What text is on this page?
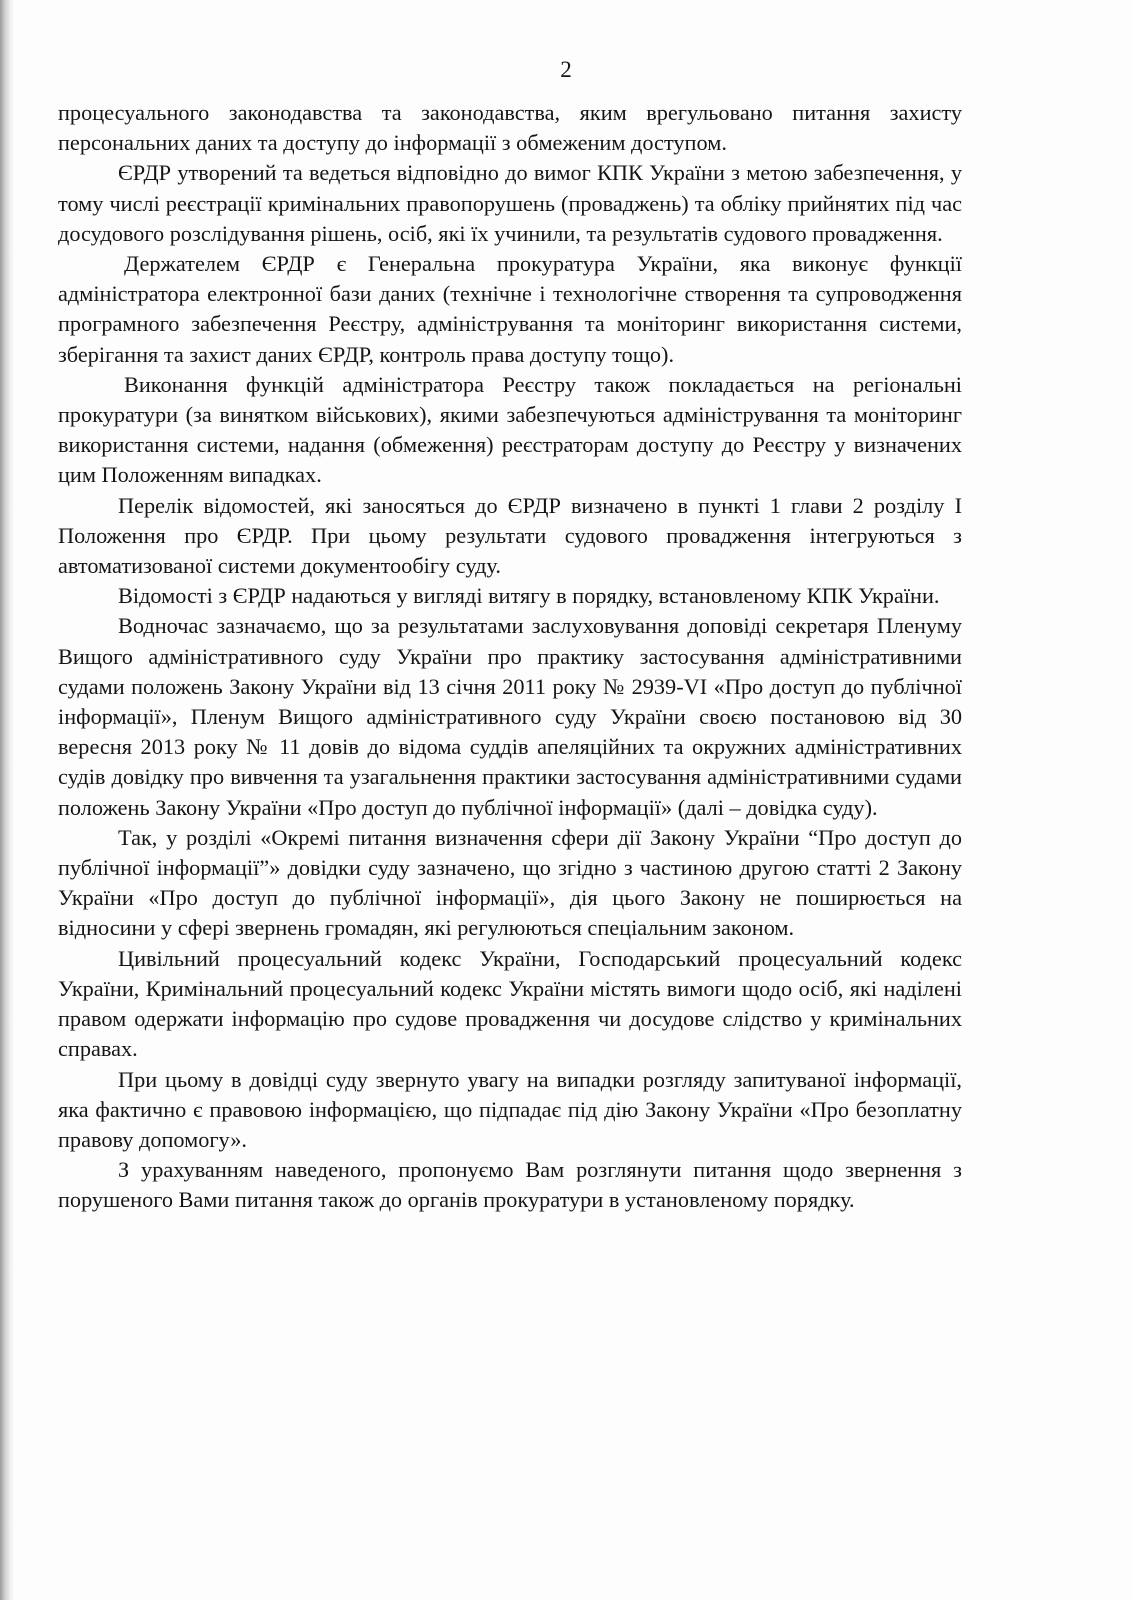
2

процесуального законодавства та законодавства, яким врегульовано питання захисту персональних даних та доступу до інформації з обмеженим доступом.

ЄРДР утворений та ведеться відповідно до вимог КПК України з метою забезпечення, у тому числі реєстрації кримінальних правопорушень (проваджень) та обліку прийнятих під час досудового розслідування рішень, осіб, які їх учинили, та результатів судового провадження.

Держателем ЄРДР є Генеральна прокуратура України, яка виконує функції адміністратора електронної бази даних (технічне і технологічне створення та супроводження програмного забезпечення Реєстру, адміністрування та моніторинг використання системи, зберігання та захист даних ЄРДР, контроль права доступу тощо).

Виконання функцій адміністратора Реєстру також покладається на регіональні прокуратури (за винятком військових), якими забезпечуються адміністрування та моніторинг використання системи, надання (обмеження) реєстраторам доступу до Реєстру у визначених цим Положенням випадках.

Перелік відомостей, які заносяться до ЄРДР визначено в пункті 1 глави 2 розділу І Положення про ЄРДР. При цьому результати судового провадження інтегруються з автоматизованої системи документообігу суду.

Відомості з ЄРДР надаються у вигляді витягу в порядку, встановленому КПК України.

Водночас зазначаємо, що за результатами заслуховування доповіді секретаря Пленуму Вищого адміністративного суду України про практику застосування адміністративними судами положень Закону України від 13 січня 2011 року № 2939-VI «Про доступ до публічної інформації», Пленум Вищого адміністративного суду України своєю постановою від 30 вересня 2013 року № 11 довів до відома суддів апеляційних та окружних адміністративних судів довідку про вивчення та узагальнення практики застосування адміністративними судами положень Закону України «Про доступ до публічної інформації» (далі – довідка суду).

Так, у розділі «Окремі питання визначення сфери дії Закону України “Про доступ до публічної інформації”» довідки суду зазначено, що згідно з частиною другою статті 2 Закону України «Про доступ до публічної інформації», дія цього Закону не поширюється на відносини у сфері звернень громадян, які регулюються спеціальним законом.

Цивільний процесуальний кодекс України, Господарський процесуальний кодекс України, Кримінальний процесуальний кодекс України містять вимоги щодо осіб, які наділені правом одержати інформацію про судове провадження чи досудове слідство у кримінальних справах.

При цьому в довідці суду звернуто увагу на випадки розгляду запитуваної інформації, яка фактично є правовою інформацією, що підпадає під дію Закону України «Про безоплатну правову допомогу».

З урахуванням наведеного, пропонуємо Вам розглянути питання щодо звернення з порушеного Вами питання також до органів прокуратури в установленому порядку.
